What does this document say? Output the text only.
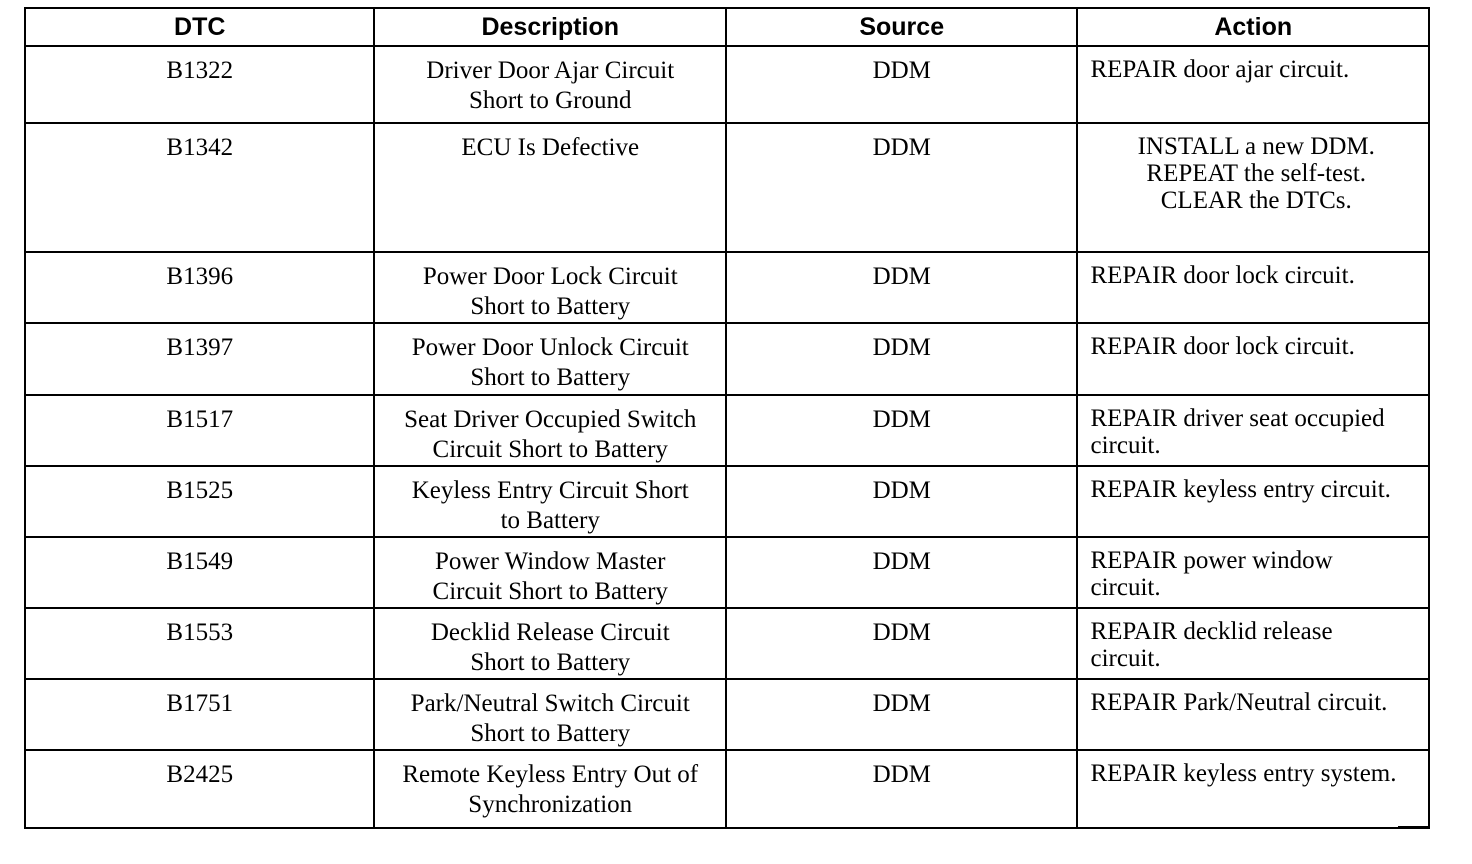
DTC	Description	Source	Action

B1322	Driver Door Ajar Circuit
Short to Ground	DDM	REPAIR door ajar circuit.

B1342	ECU Is Defective	DDM	INSTALL a new DDM.
REPEAT the self-test.
CLEAR the DTCs.

B1396	Power Door Lock Circuit
Short to Battery	DDM	REPAIR door lock circuit.

B1397	Power Door Unlock Circuit
Short to Battery	DDM	REPAIR door lock circuit.

B1517	Seat Driver Occupied Switch
Circuit Short to Battery	DDM	REPAIR driver seat occupied
circuit.

B1525	Keyless Entry Circuit Short
to Battery	DDM	REPAIR keyless entry circuit.

B1549	Power Window Master
Circuit Short to Battery	DDM	REPAIR power window
circuit.

B1553	Decklid Release Circuit
Short to Battery	DDM	REPAIR decklid release
circuit.

B1751	Park/Neutral Switch Circuit
Short to Battery	DDM	REPAIR Park/Neutral circuit.

B2425	Remote Keyless Entry Out of
Synchronization	DDM	REPAIR keyless entry system.
